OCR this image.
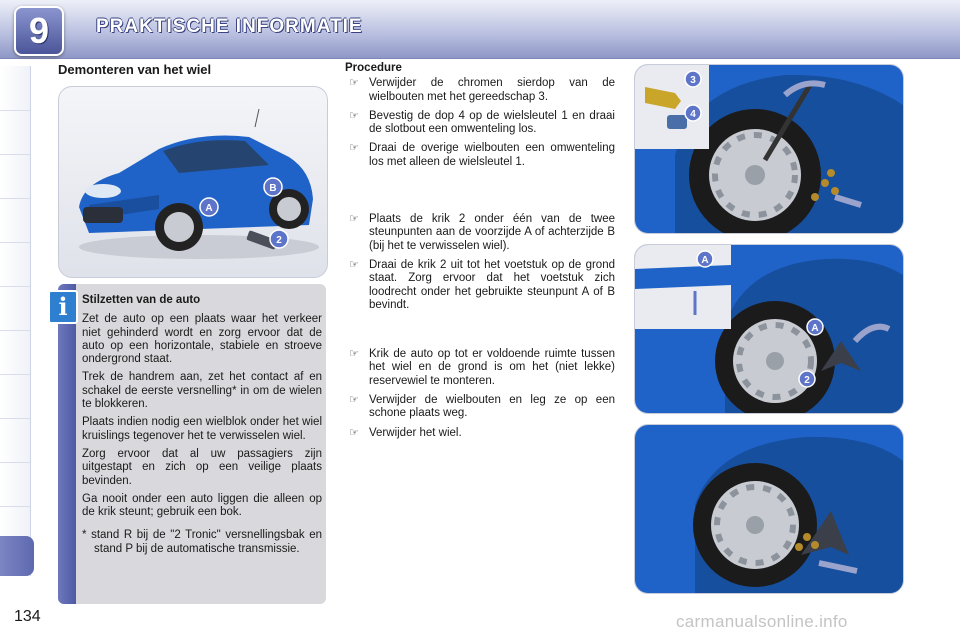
9	PRAKTISCHE INFORMATIE
Demonteren van het wiel
A
B
2
i	Stilzetten van de auto

Zet de auto op een plaats waar het verkeer niet gehinderd wordt en zorg ervoor dat de auto op een horizontale, stabiele en stroeve ondergrond staat.

Trek de handrem aan, zet het contact af en schakel de eerste versnelling* in om de wielen te blokkeren.

Plaats indien nodig een wielblok onder het wiel kruislings tegenover het te verwisselen wiel.

Zorg ervoor dat al uw passagiers zijn uitgestapt en zich op een veilige plaats bevinden.

Ga nooit onder een auto liggen die alleen op de krik steunt; gebruik een bok.

* stand R bij de "2 Tronic" versnellingsbak en stand P bij de automatische transmissie.

Procedure
☞ Verwijder de chromen sierdop van de wielbouten met het gereedschap 3.
☞ Bevestig de dop 4 op de wielsleutel 1 en draai de slotbout een omwenteling los.
☞ Draai de overige wielbouten een omwenteling los met alleen de wielsleutel 1.
☞ Plaats de krik 2 onder één van de twee steunpunten aan de voorzijde A of achterzijde B (bij het te verwisselen wiel).
☞ Draai de krik 2 uit tot het voetstuk op de grond staat. Zorg ervoor dat het voetstuk zich loodrecht onder het gebruikte steunpunt A of B bevindt.
☞ Krik de auto op tot er voldoende ruimte tussen het wiel en de grond is om het (niet lekke) reservewiel te monteren.
☞ Verwijder de wielbouten en leg ze op een schone plaats weg.
☞ Verwijder het wiel.
3
4
A
A
2
134	carmanualsonline.info
